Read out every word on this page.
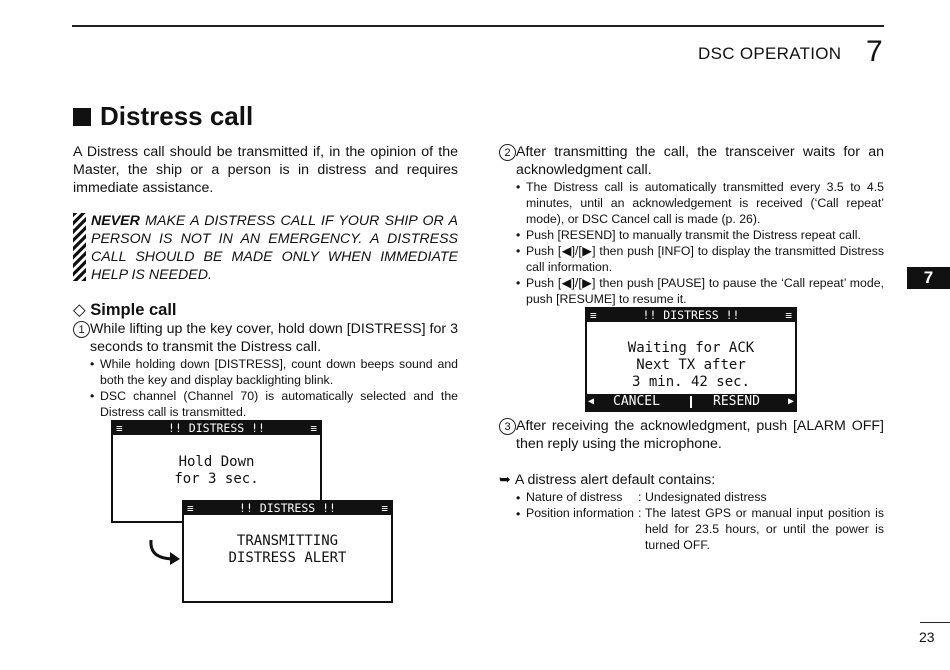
DSC OPERATION 7
Distress call
A Distress call should be transmitted if, in the opinion of the Master, the ship or a person is in distress and requires immediate assistance.
NEVER MAKE A DISTRESS CALL IF YOUR SHIP OR A PERSON IS NOT IN AN EMERGENCY. A DISTRESS CALL SHOULD BE MADE ONLY WHEN IMMEDIATE HELP IS NEEDED.
◇ Simple call
1 While lifting up the key cover, hold down [DISTRESS] for 3 seconds to transmit the Distress call.
• While holding down [DISTRESS], count down beeps sound and both the key and display backlighting blink.
• DSC channel (Channel 70) is automatically selected and the Distress call is transmitted.
≡	!! DISTRESS !!	≡
Hold Down
for 3 sec.
≡	!! DISTRESS !!	≡
TRANSMITTING
DISTRESS ALERT
2 After transmitting the call, the transceiver waits for an acknowledgment call.
• The Distress call is automatically transmitted every 3.5 to 4.5 minutes, until an acknowledgement is received (‘Call repeat’ mode), or DSC Cancel call is made (p. 26).
• Push [RESEND] to manually transmit the Distress repeat call.
• Push [◀]/[▶] then push [INFO] to display the transmitted Distress call information.
• Push [◀]/[▶] then push [PAUSE] to pause the ‘Call repeat’ mode, push [RESUME] to resume it.
≡	!! DISTRESS !!	≡
Waiting for ACK
Next TX after
3 min. 42 sec.
◀ CANCEL	RESEND	▶
3 After receiving the acknowledgment, push [ALARM OFF] then reply using the microphone.
➥ A distress alert default contains:
• Nature of distress : Undesignated distress
• Position information : The latest GPS or manual input position is held for 23.5 hours, or until the power is turned OFF.
7
23
